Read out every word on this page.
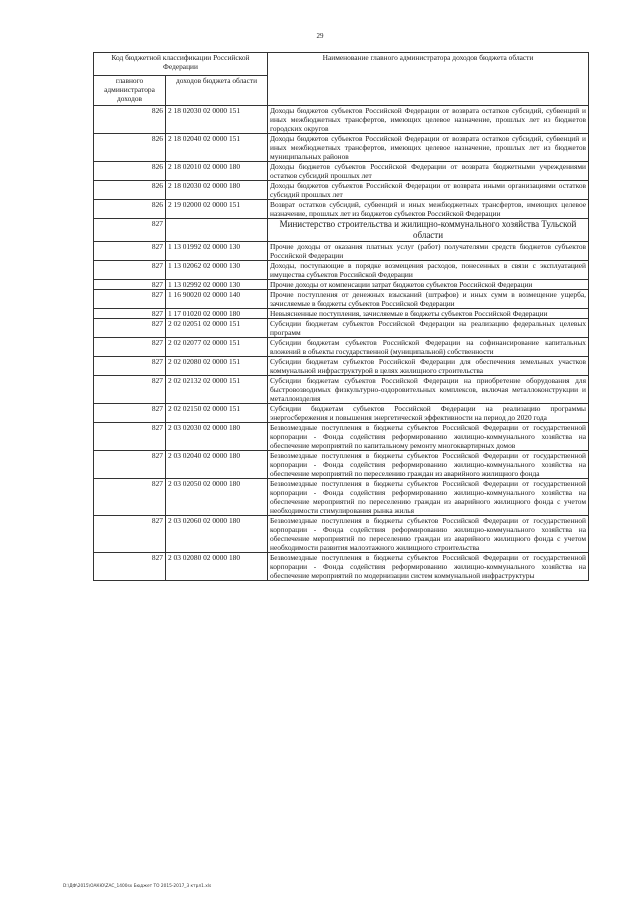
29
Код бюджетной классификации Российской Федерации		Наименование главного администратора доходов бюджета области
главного администратора доходов	доходов бюджета области	
826	2 18 02030 02 0000 151	Доходы бюджетов субъектов Российской Федерации от возврата остатков субсидий, субвенций и иных межбюджетных трансфертов, имеющих целевое назначение, прошлых лет из бюджетов городских округов
826	2 18 02040 02 0000 151	Доходы бюджетов субъектов Российской Федерации от возврата остатков субсидий, субвенций и иных межбюджетных трансфертов, имеющих целевое назначение, прошлых лет из бюджетов муниципальных районов
826	2 18 02010 02 0000 180	Доходы бюджетов субъектов Российской Федерации от возврата бюджетными учреждениями остатков субсидий прошлых лет
826	2 18 02030 02 0000 180	Доходы бюджетов субъектов Российской Федерации от возврата иными организациями остатков субсидий прошлых лет
826	2 19 02000 02 0000 151	Возврат остатков субсидий, субвенций и иных межбюджетных трансфертов, имеющих целевое назначение, прошлых лет из бюджетов субъектов Российской Федерации
827		Министерство строительства и жилищно-коммунального хозяйства Тульской области
827	1 13 01992 02 0000 130	Прочие доходы от оказания платных услуг (работ) получателями средств бюджетов субъектов Российской Федерации
827	1 13 02062 02 0000 130	Доходы, поступающие в порядке возмещения расходов, понесенных в связи с эксплуатацией имущества субъектов Российской Федерации
827	1 13 02992 02 0000 130	Прочие доходы от компенсации затрат бюджетов субъектов Российской Федерации
827	1 16 90020 02 0000 140	Прочие поступления от денежных взысканий (штрафов) и иных сумм в возмещение ущерба, зачисляемые в бюджеты субъектов Российской Федерации
827	1 17 01020 02 0000 180	Невыясненные поступления, зачисляемые в бюджеты субъектов Российской Федерации
827	2 02 02051 02 0000 151	Субсидии бюджетам субъектов Российской Федерации на реализацию федеральных целевых программ
827	2 02 02077 02 0000 151	Субсидии бюджетам субъектов Российской Федерации на софинансирование капитальных вложений в объекты государственной (муниципальной) собственности
827	2 02 02080 02 0000 151	Субсидии бюджетам субъектов Российской Федерации для обеспечения земельных участков коммунальной инфраструктурой в целях жилищного строительства
827	2 02 02132 02 0000 151	Субсидии бюджетам субъектов Российской Федерации на приобретение оборудования для быстровозводимых физкультурно-оздоровительных комплексов, включая металлоконструкции и металлоизделия
827	2 02 02150 02 0000 151	Субсидии бюджетам субъектов Российской Федерации на реализацию программы энергосбережения и повышения энергетической эффективности на период до 2020 года
827	2 03 02030 02 0000 180	Безвозмездные поступления в бюджеты субъектов Российской Федерации от государственной корпорации - Фонда содействия реформированию жилищно-коммунального хозяйства на обеспечение мероприятий по капитальному ремонту многоквартирных домов
827	2 03 02040 02 0000 180	Безвозмездные поступления в бюджеты субъектов Российской Федерации от государственной корпорации - Фонда содействия реформированию жилищно-коммунального хозяйства на обеспечение мероприятий по переселению граждан из аварийного жилищного фонда
827	2 03 02050 02 0000 180	Безвозмездные поступления в бюджеты субъектов Российской Федерации от государственной корпорации - Фонда содействия реформированию жилищно-коммунального хозяйства на обеспечение мероприятий по переселению граждан из аварийного жилищного фонда с учетом необходимости стимулирования рынка жилья
827	2 03 02060 02 0000 180	Безвозмездные поступления в бюджеты субъектов Российской Федерации от государственной корпорации - Фонда содействия реформированию жилищно-коммунального хозяйства на обеспечение мероприятий по переселению граждан из аварийного жилищного фонда с учетом необходимости развития малоэтажного жилищного строительства
827	2 03 02080 02 0000 180	Безвозмездные поступления в бюджеты субъектов Российской Федерации от государственной корпорации - Фонда содействия реформированию жилищно-коммунального хозяйства на обеспечение мероприятий по модернизации систем коммунальной инфраструктуры
D:\ДФ\2015\ОАКЮ\ZAC_1400sx Бюджет ТО 2015-2017_3 ктрл1.xls
